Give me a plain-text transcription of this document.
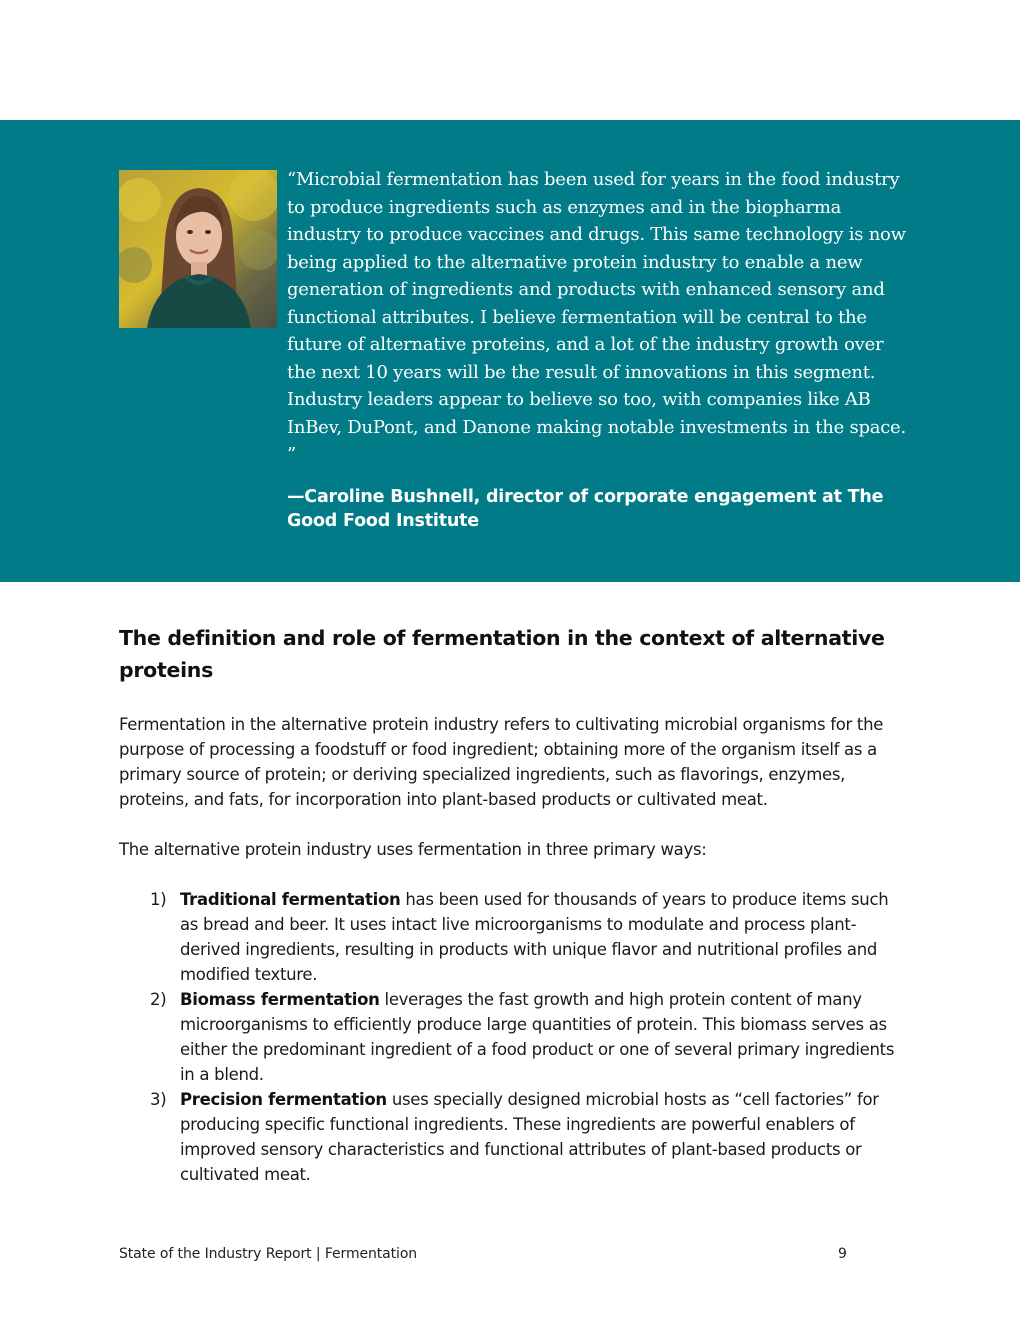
“Microbial fermentation has been used for years in the food industry to produce ingredients such as enzymes and in the biopharma industry to produce vaccines and drugs. This same technology is now being applied to the alternative protein industry to enable a new generation of ingredients and products with enhanced sensory and functional attributes. I believe fermentation will be central to the future of alternative proteins, and a lot of the industry growth over the next 10 years will be the result of innovations in this segment. Industry leaders appear to believe so too, with companies like AB InBev, DuPont, and Danone making notable investments in the space. ”

—Caroline Bushnell, director of corporate engagement at The Good Food Institute

The definition and role of fermentation in the context of alternative proteins

Fermentation in the alternative protein industry refers to cultivating microbial organisms for the purpose of processing a foodstuff or food ingredient; obtaining more of the organism itself as a primary source of protein; or deriving specialized ingredients, such as flavorings, enzymes, proteins, and fats, for incorporation into plant-based products or cultivated meat.

The alternative protein industry uses fermentation in three primary ways:

1) Traditional fermentation has been used for thousands of years to produce items such as bread and beer. It uses intact live microorganisms to modulate and process plant-derived ingredients, resulting in products with unique flavor and nutritional profiles and modified texture.
2) Biomass fermentation leverages the fast growth and high protein content of many microorganisms to efficiently produce large quantities of protein. This biomass serves as either the predominant ingredient of a food product or one of several primary ingredients in a blend.
3) Precision fermentation uses specially designed microbial hosts as “cell factories” for producing specific functional ingredients. These ingredients are powerful enablers of improved sensory characteristics and functional attributes of plant-based products or cultivated meat.
State of the Industry Report | Fermentation	9
